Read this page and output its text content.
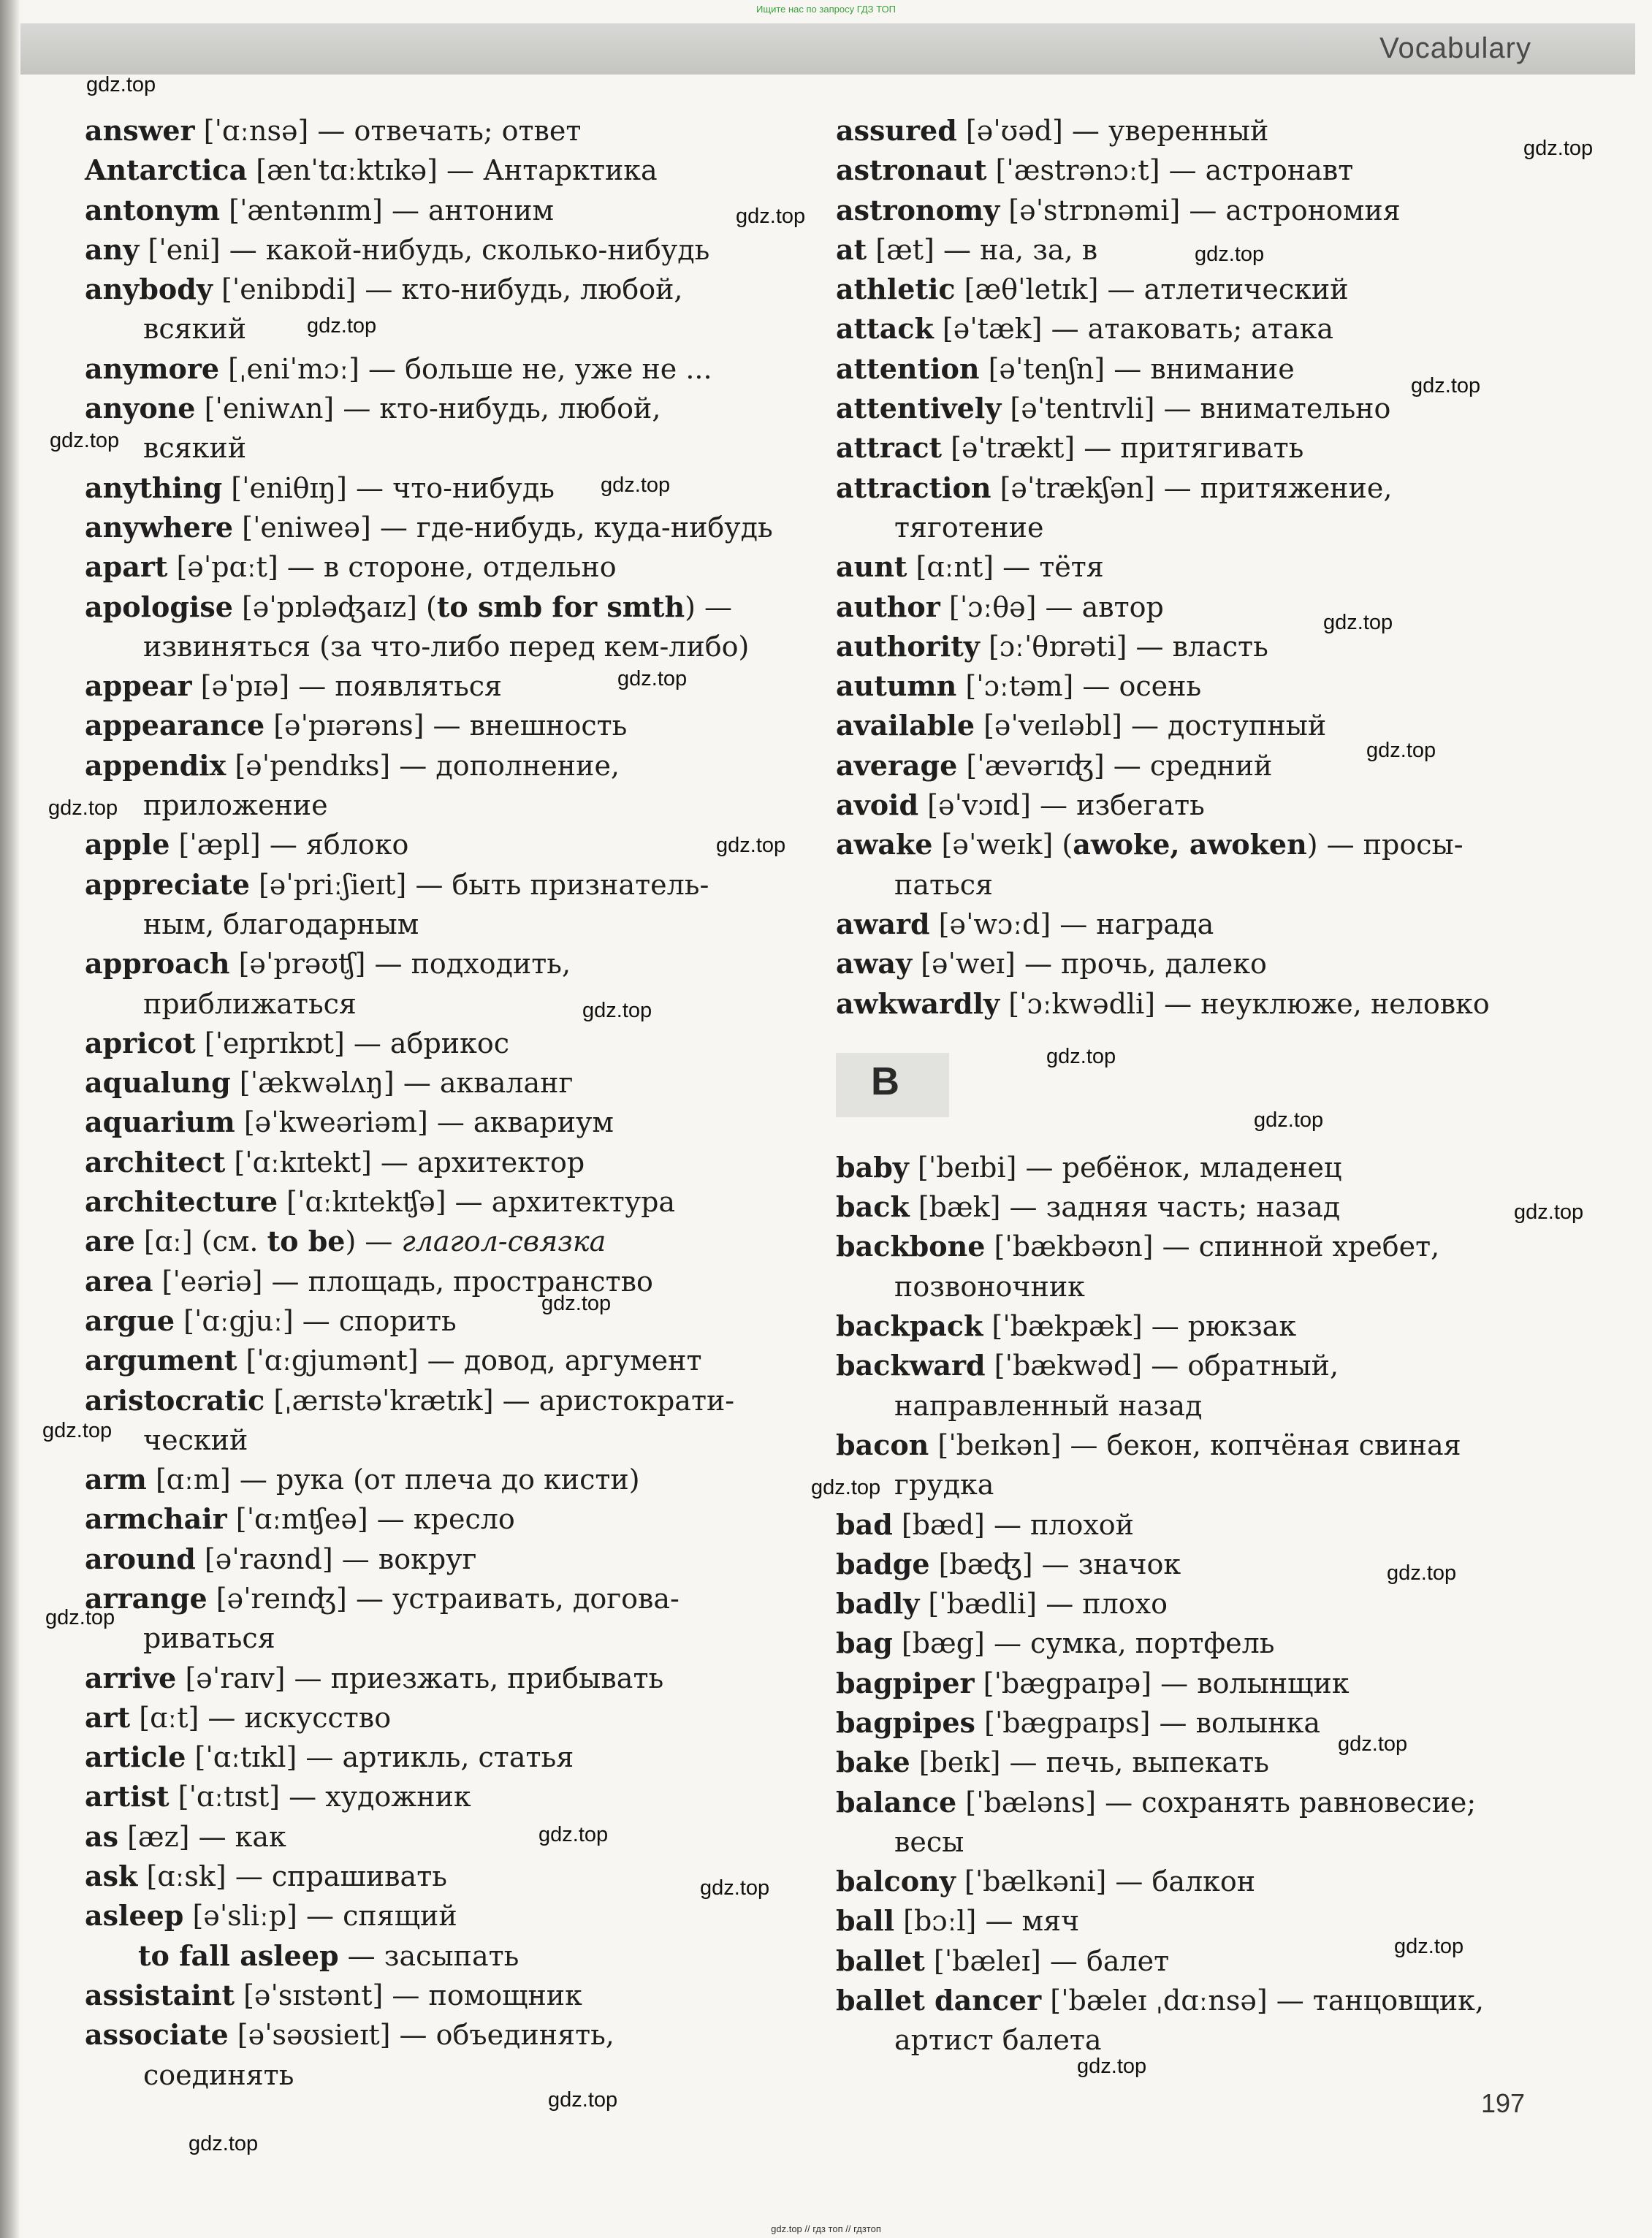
Ищите нас по запросу ГДЗ ТОП
Vocabulary
answer [ˈɑːnsə] — отвечать; ответ
Antarctica [ænˈtɑːktɪkə] — Антарктика
antonym [ˈæntənɪm] — антоним
any [ˈeni] — какой-нибудь, сколько-нибудь
anybody [ˈenibɒdi] — кто-нибудь, любой,
всякий
anymore [ˌeniˈmɔː] — больше не, уже не ...
anyone [ˈeniwʌn] — кто-нибудь, любой,
всякий
anything [ˈeniθɪŋ] — что-нибудь
anywhere [ˈeniweə] — где-нибудь, куда-нибудь
apart [əˈpɑːt] — в стороне, отдельно
apologise [əˈpɒləʤaɪz] (to smb for smth) —
извиняться (за что-либо перед кем-либо)
appear [əˈpɪə] — появляться
appearance [əˈpɪərəns] — внешность
appendix [əˈpendɪks] — дополнение,
приложение
apple [ˈæpl] — яблоко
appreciate [əˈpriːʃieɪt] — быть признатель-
ным, благодарным
approach [əˈprəʊʧ] — подходить,
приближаться
apricot [ˈeɪprɪkɒt] — абрикос
aqualung [ˈækwəlʌŋ] — акваланг
aquarium [əˈkweəriəm] — аквариум
architect [ˈɑːkɪtekt] — архитектор
architecture [ˈɑːkɪtekʧə] — архитектура
are [ɑː] (см. to be) — глагол-связка
area [ˈeəriə] — площадь, пространство
argue [ˈɑːgjuː] — спорить
argument [ˈɑːgjumənt] — довод, аргумент
aristocratic [ˌærɪstəˈkrætɪk] — аристократи-
ческий
arm [ɑːm] — рука (от плеча до кисти)
armchair [ˈɑːmʧeə] — кресло
around [əˈraʊnd] — вокруг
arrange [əˈreɪnʤ] — устраивать, догова-
риваться
arrive [əˈraɪv] — приезжать, прибывать
art [ɑːt] — искусство
article [ˈɑːtɪkl] — артикль, статья
artist [ˈɑːtɪst] — художник
as [æz] — как
ask [ɑːsk] — спрашивать
asleep [əˈsliːp] — спящий
to fall asleep — засыпать
assistaint [əˈsɪstənt] — помощник
associate [əˈsəʊsieɪt] — объединять,
соединять
assured [əˈʊəd] — уверенный
astronaut [ˈæstrənɔːt] — астронавт
astronomy [əˈstrɒnəmi] — астрономия
at [æt] — на, за, в
athletic [æθˈletɪk] — атлетический
attack [əˈtæk] — атаковать; атака
attention [əˈtenʃn] — внимание
attentively [əˈtentɪvli] — внимательно
attract [əˈtrækt] — притягивать
attraction [əˈtrækʃən] — притяжение,
тяготение
aunt [ɑːnt] — тётя
author [ˈɔːθə] — автор
authority [ɔːˈθɒrəti] — власть
autumn [ˈɔːtəm] — осень
available [əˈveɪləbl] — доступный
average [ˈævərɪʤ] — средний
avoid [əˈvɔɪd] — избегать
awake [əˈweɪk] (awoke, awoken) — просы-
паться
award [əˈwɔːd] — награда
away [əˈweɪ] — прочь, далеко
awkwardly [ˈɔːkwədli] — неуклюже, неловко
B
baby [ˈbeɪbi] — ребёнок, младенец
back [bæk] — задняя часть; назад
backbone [ˈbækbəʊn] — спинной хребет,
позвоночник
backpack [ˈbækpæk] — рюкзак
backward [ˈbækwəd] — обратный,
направленный назад
bacon [ˈbeɪkən] — бекон, копчёная свиная
грудка
bad [bæd] — плохой
badge [bæʤ] — значок
badly [ˈbædli] — плохо
bag [bæg] — сумка, портфель
bagpiper [ˈbægpaɪpə] — волынщик
bagpipes [ˈbægpaɪps] — волынка
bake [beɪk] — печь, выпекать
balance [ˈbæləns] — сохранять равновесие;
весы
balcony [ˈbælkəni] — балкон
ball [bɔːl] — мяч
ballet [ˈbæleɪ] — балет
ballet dancer [ˈbæleɪ ˌdɑːnsə] — танцовщик,
артист балета
197
gdz.top // гдз топ // гдзтоп
gdz.top
gdz.top
gdz.top
gdz.top
gdz.top
gdz.top
gdz.top
gdz.top
gdz.top
gdz.top
gdz.top
gdz.top
gdz.top
gdz.top
gdz.top
gdz.top
gdz.top
gdz.top
gdz.top
gdz.top
gdz.top
gdz.top
gdz.top
gdz.top
gdz.top
gdz.top
gdz.top
gdz.top
gdz.top
